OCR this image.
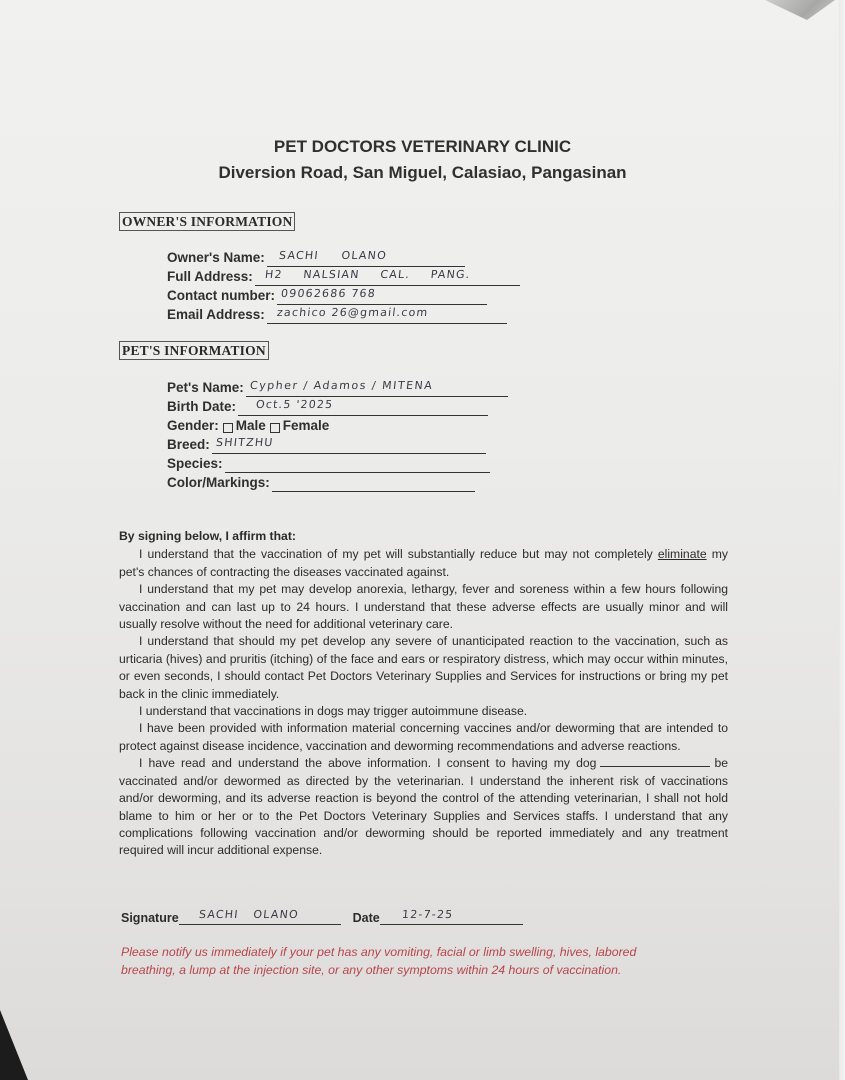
PET DOCTORS VETERINARY CLINIC
Diversion Road, San Miguel, Calasiao, Pangasinan
OWNER'S INFORMATION
Owner's Name: SACHI OLANO
Full Address: H2 NALSIAN CAL. PANG.
Contact number: 09062686 768
Email Address: zachico 26@gmail.com
PET'S INFORMATION
Pet's Name: Cypher / Adamos / MITENA
Birth Date: Oct.5 '2025
Gender: Male Female
Breed: SHITZHU
Species:
Color/Markings:
By signing below, I affirm that:

I understand that the vaccination of my pet will substantially reduce but may not completely eliminate my pet's chances of contracting the diseases vaccinated against.

I understand that my pet may develop anorexia, lethargy, fever and soreness within a few hours following vaccination and can last up to 24 hours. I understand that these adverse effects are usually minor and will usually resolve without the need for additional veterinary care.

I understand that should my pet develop any severe of unanticipated reaction to the vaccination, such as urticaria (hives) and pruritis (itching) of the face and ears or respiratory distress, which may occur within minutes, or even seconds, I should contact Pet Doctors Veterinary Supplies and Services for instructions or bring my pet back in the clinic immediately.

I understand that vaccinations in dogs may trigger autoimmune disease.

I have been provided with information material concerning vaccines and/or deworming that are intended to protect against disease incidence, vaccination and deworming recommendations and adverse reactions.

I have read and understand the above information. I consent to having my dog	be vaccinated and/or dewormed as directed by the veterinarian. I understand the inherent risk of vaccinations and/or deworming, and its adverse reaction is beyond the control of the attending veterinarian, I shall not hold blame to him or her or to the Pet Doctors Veterinary Supplies and Services staffs. I understand that any complications following vaccination and/or deworming should be reported immediately and any treatment required will incur additional expense.

Signature SACHI OLANO	Date 12-7-25
Please notify us immediately if your pet has any vomiting, facial or limb swelling, hives, labored breathing, a lump at the injection site, or any other symptoms within 24 hours of vaccination.
